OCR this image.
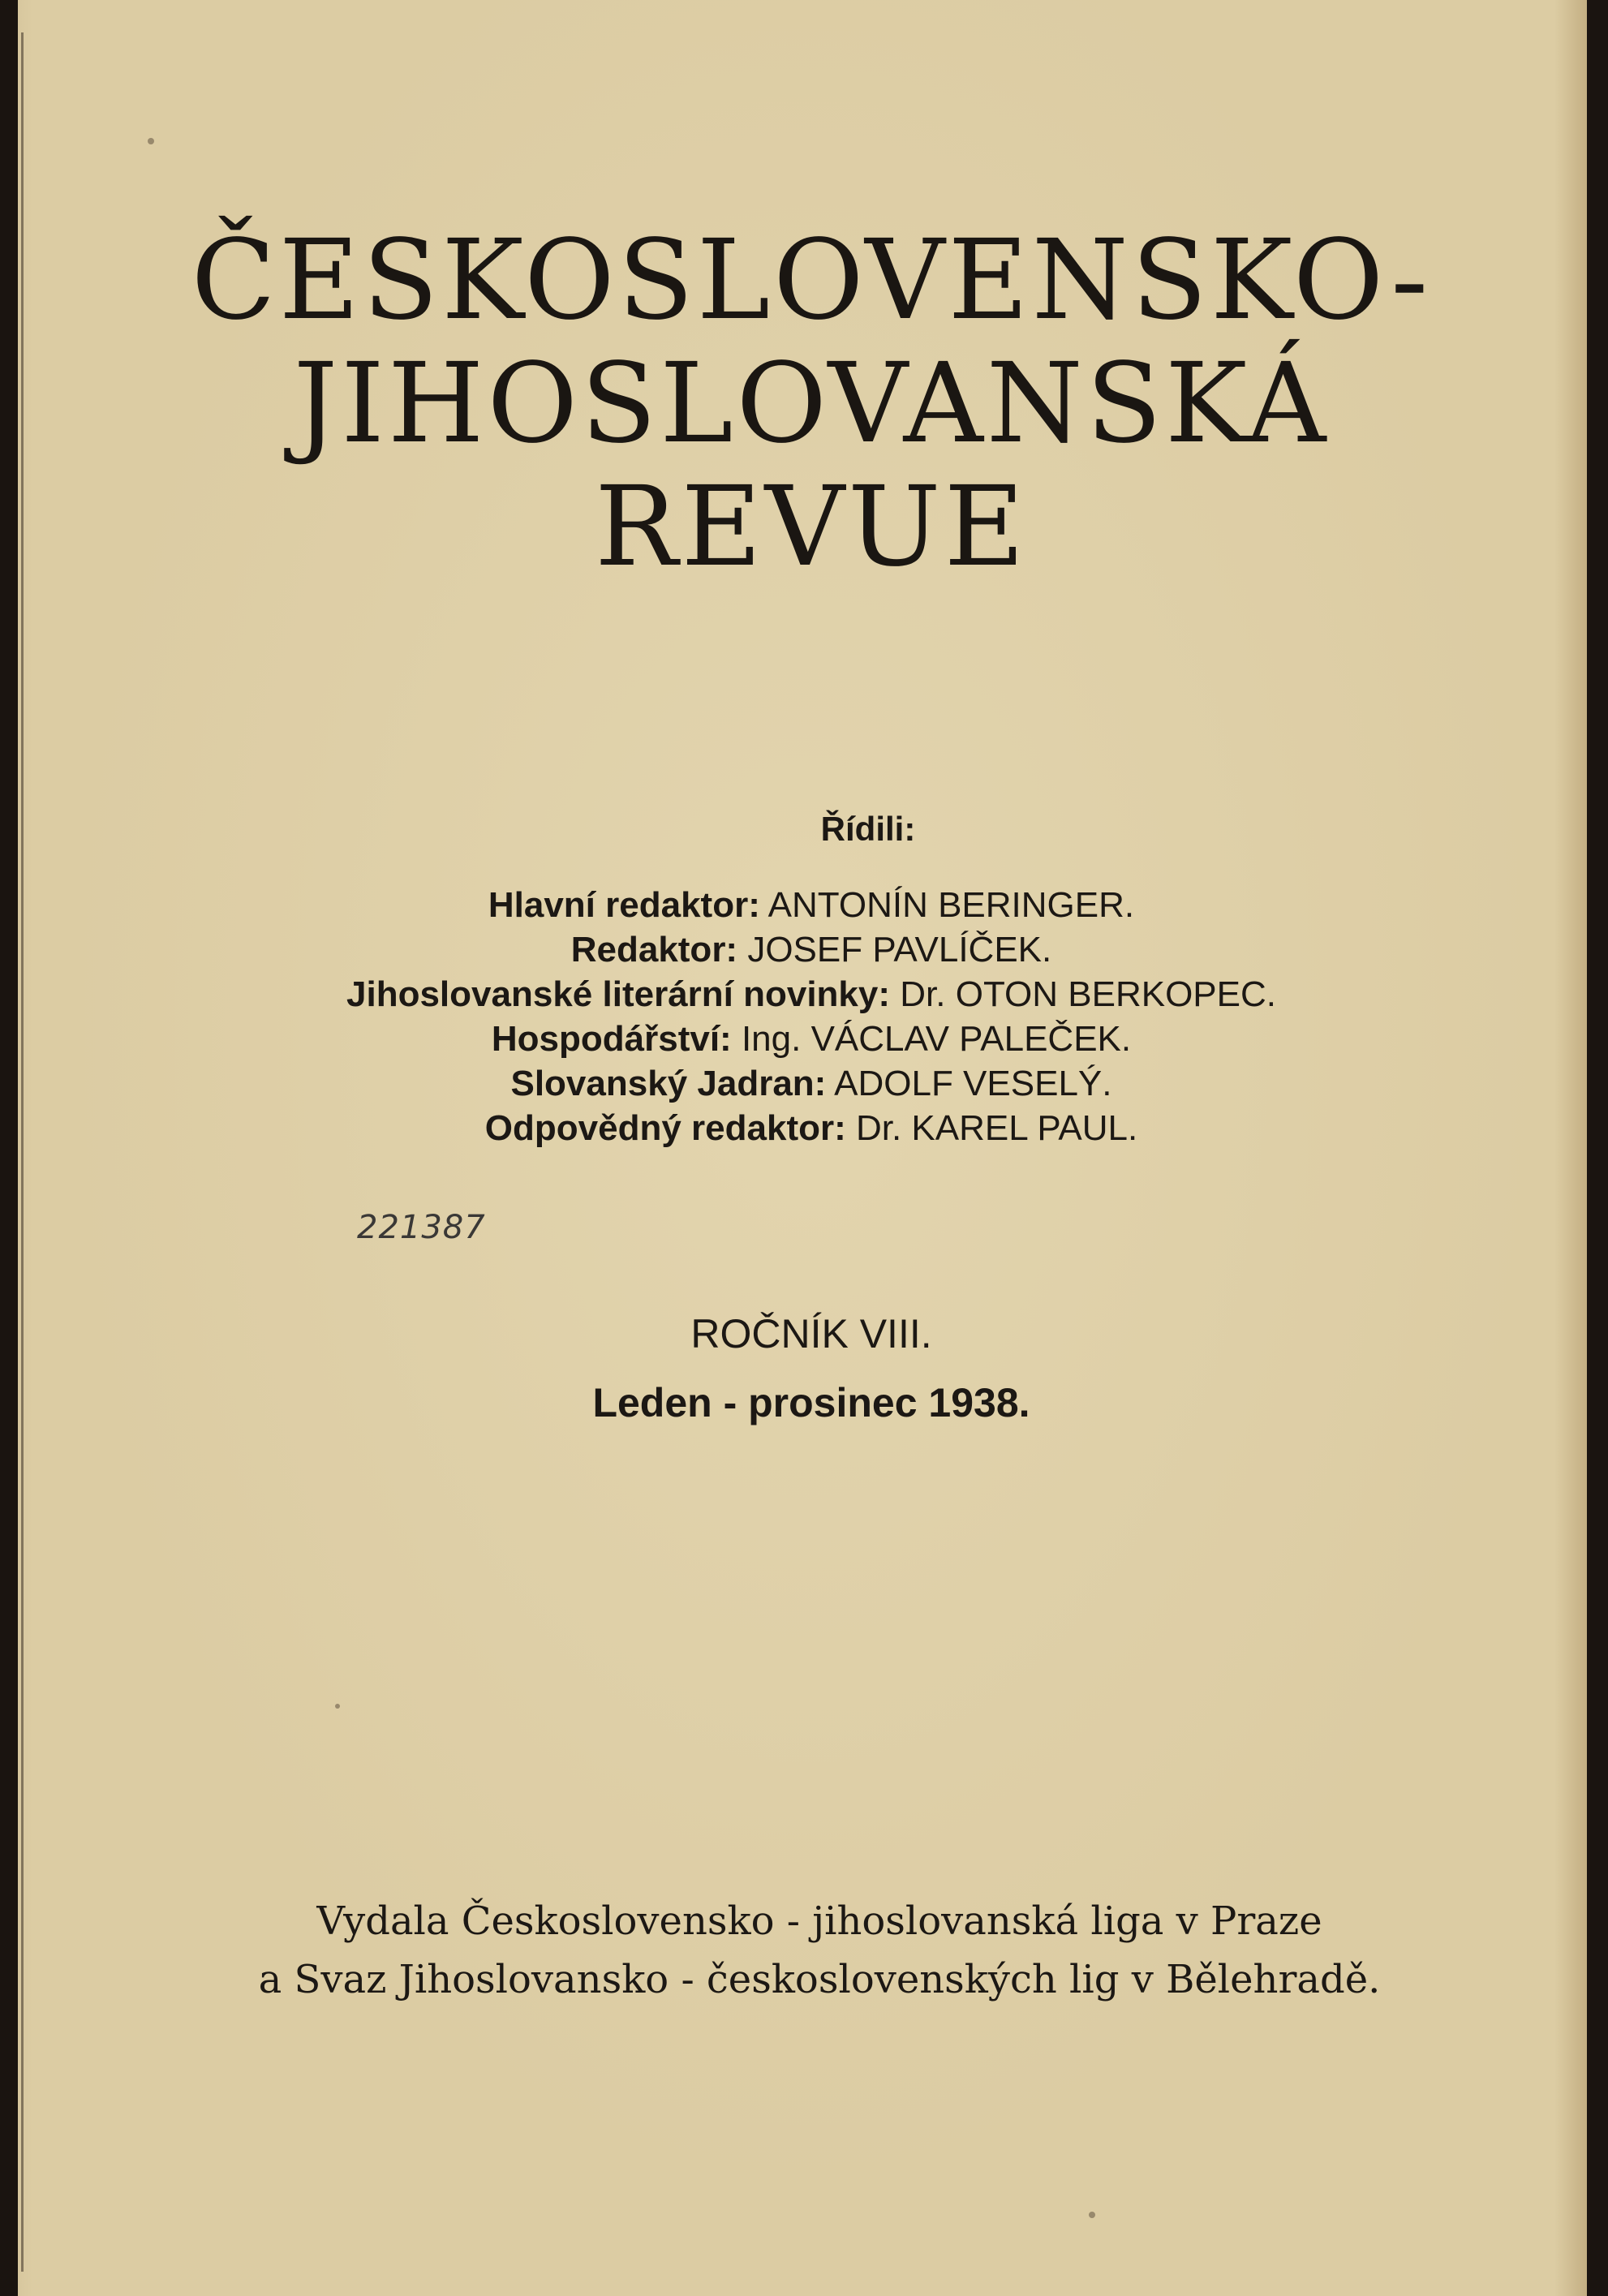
ČESKOSLOVENSKO-
JIHOSLOVANSKÁ
REVUE
Řídili:
Hlavní redaktor: ANTONÍN BERINGER.
Redaktor: JOSEF PAVLÍČEK.
Jihoslovanské literární novinky: Dr. OTON BERKOPEC.
Hospodářství: Ing. VÁCLAV PALEČEK.
Slovanský Jadran: ADOLF VESELÝ.
Odpovědný redaktor: Dr. KAREL PAUL.
221387
ROČNÍK VIII.
Leden - prosinec 1938.
Vydala Československo - jihoslovanská liga v Praze
a Svaz Jihoslovansko - československých lig v Bělehradě.
